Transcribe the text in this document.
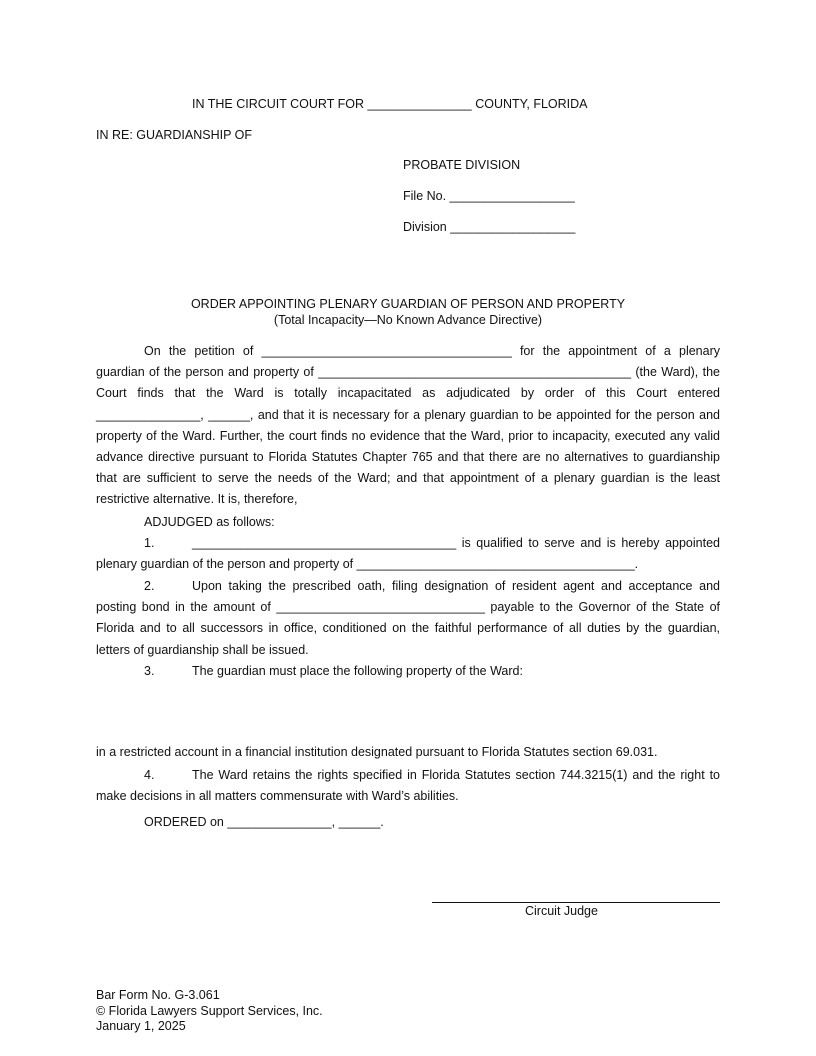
IN THE CIRCUIT COURT FOR _______________ COUNTY, FLORIDA
IN RE: GUARDIANSHIP OF
PROBATE DIVISION
File No. __________________
Division __________________
ORDER APPOINTING PLENARY GUARDIAN OF PERSON AND PROPERTY
(Total Incapacity—No Known Advance Directive)
On the petition of ____________________________________ for the appointment of a plenary guardian of the person and property of _____________________________________________ (the Ward), the Court finds that the Ward is totally incapacitated as adjudicated by order of this Court entered _______________, ______, and that it is necessary for a plenary guardian to be appointed for the person and property of the Ward. Further, the court finds no evidence that the Ward, prior to incapacity, executed any valid advance directive pursuant to Florida Statutes Chapter 765 and that there are no alternatives to guardianship that are sufficient to serve the needs of the Ward; and that appointment of a plenary guardian is the least restrictive alternative. It is, therefore,
ADJUDGED as follows:
1.	______________________________________ is qualified to serve and is hereby appointed plenary guardian of the person and property of ________________________________________.
2.	Upon taking the prescribed oath, filing designation of resident agent and acceptance and posting bond in the amount of ______________________________ payable to the Governor of the State of Florida and to all successors in office, conditioned on the faithful performance of all duties by the guardian, letters of guardianship shall be issued.
3.	The guardian must place the following property of the Ward:
in a restricted account in a financial institution designated pursuant to Florida Statutes section 69.031.
4.	The Ward retains the rights specified in Florida Statutes section 744.3215(1) and the right to make decisions in all matters commensurate with Ward’s abilities.
ORDERED on _______________, ______.
Circuit Judge
Bar Form No. G-3.061
© Florida Lawyers Support Services, Inc.
January 1, 2025
